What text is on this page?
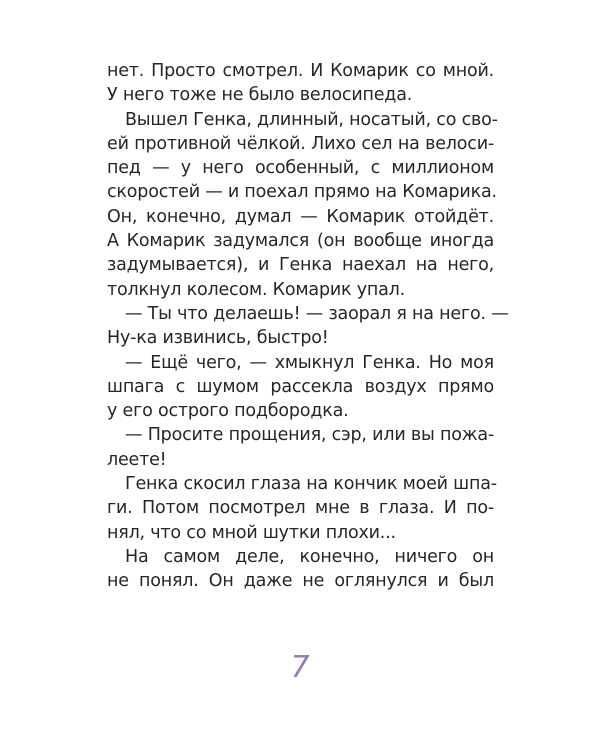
нет. Просто смотрел. И Комарик со мной.
У него тоже не было велосипеда.
Вышел Генка, длинный, носатый, со сво-
ей противной чёлкой. Лихо сел на велоси-
пед — у него особенный, с миллионом
скоростей — и поехал прямо на Комарика.
Он, конечно, думал — Комарик отойдёт.
А Комарик задумался (он вообще иногда
задумывается), и Генка наехал на него,
толкнул колесом. Комарик упал.
— Ты что делаешь! — заорал я на него. —
Ну-ка извинись, быстро!
— Ещё чего, — хмыкнул Генка. Но моя
шпага с шумом рассекла воздух прямо
у его острого подбородка.
— Просите прощения, сэр, или вы пожа-
леете!
Генка скосил глаза на кончик моей шпа-
ги. Потом посмотрел мне в глаза. И по-
нял, что со мной шутки плохи...
На самом деле, конечно, ничего он
не понял. Он даже не оглянулся и был
7
